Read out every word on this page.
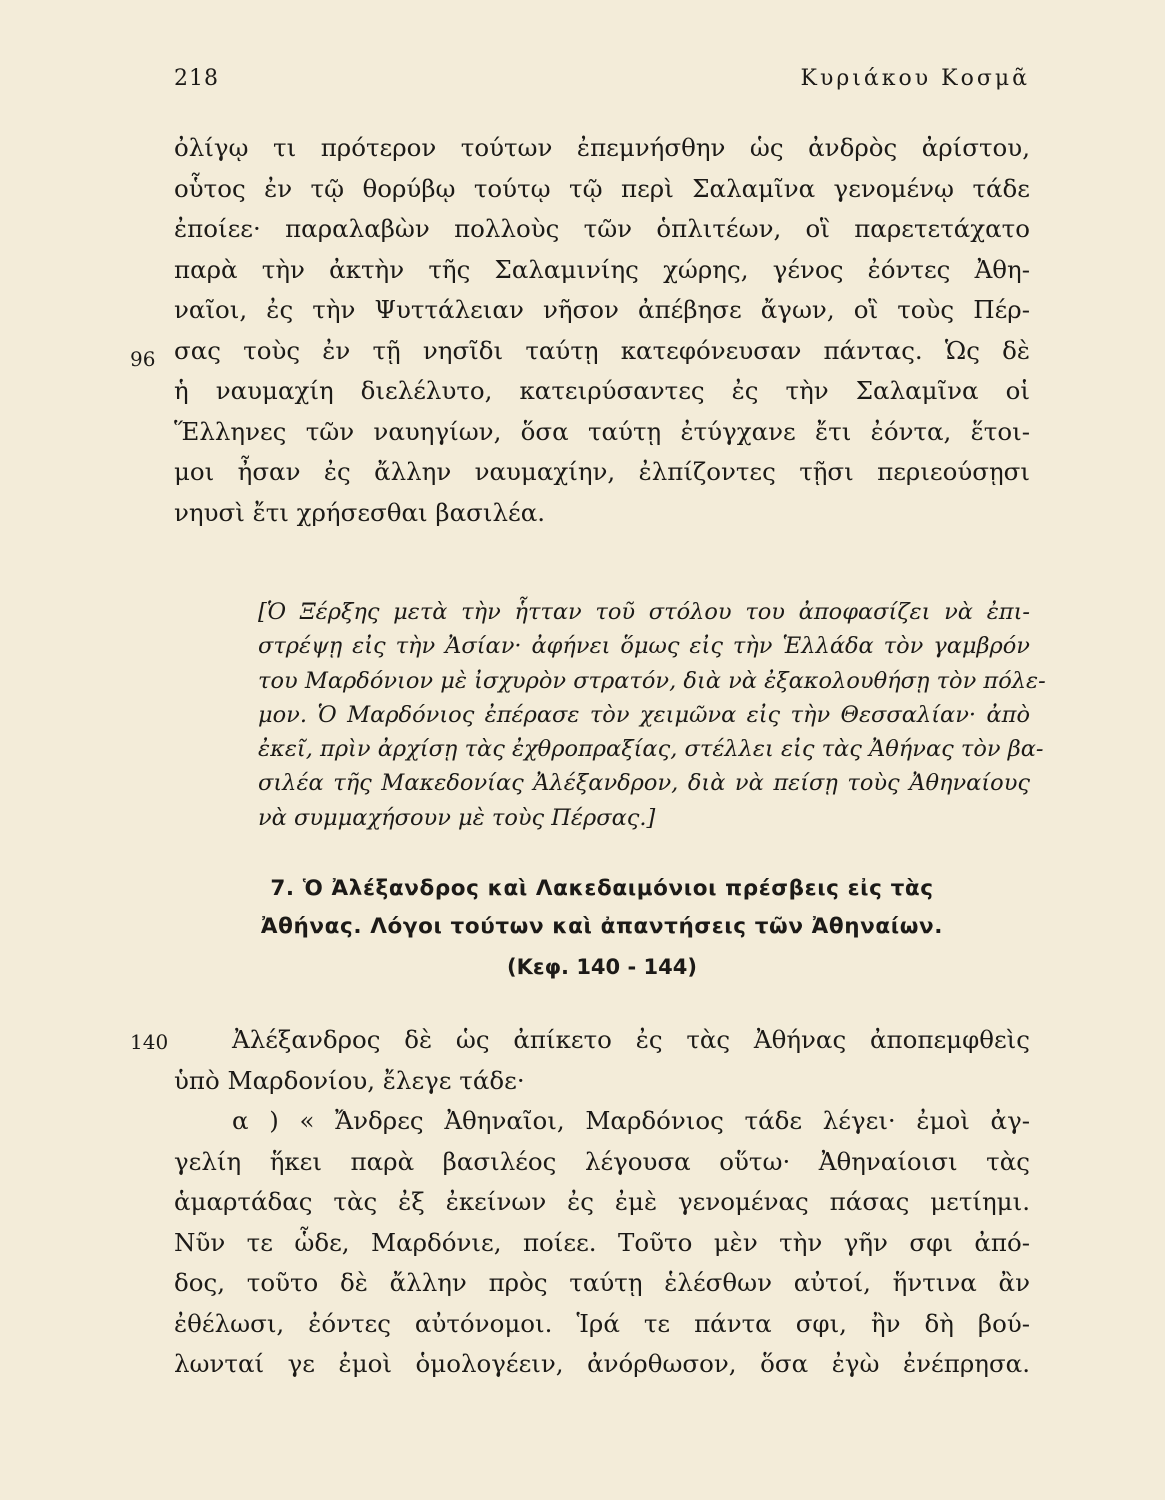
218	Κυριάκου Κοσμᾶ
96
140
ὀλίγῳ τι πρότερον τούτων ἐπεμνήσθην ὡς ἀνδρὸς ἀρίστου,
οὗτος ἐν τῷ θορύβῳ τούτῳ τῷ περὶ Σαλαμῖνα γενομένῳ τάδε
ἐποίεε· παραλαβὼν πολλοὺς τῶν ὁπλιτέων, οἳ παρετετάχατο
παρὰ τὴν ἀκτὴν τῆς Σαλαμινίης χώρης, γένος ἐόντες Ἀθη-
ναῖοι, ἐς τὴν Ψυττάλειαν νῆσον ἀπέβησε ἄγων, οἳ τοὺς Πέρ-
σας τοὺς ἐν τῇ νησῖδι ταύτῃ κατεφόνευσαν πάντας. Ὡς δὲ
ἡ ναυμαχίη διελέλυτο, κατειρύσαντες ἐς τὴν Σαλαμῖνα οἱ
Ἕλληνες τῶν ναυηγίων, ὅσα ταύτῃ ἐτύγχανε ἔτι ἐόντα, ἕτοι-
μοι ἦσαν ἐς ἄλλην ναυμαχίην, ἐλπίζοντες τῇσι περιεούσῃσι
νηυσὶ ἔτι χρήσεσθαι βασιλέα.
[Ὁ Ξέρξης μετὰ τὴν ἧτταν τοῦ στόλου του ἀποφασίζει νὰ ἐπι-
στρέψῃ εἰς τὴν Ἀσίαν· ἀφήνει ὅμως εἰς τὴν Ἑλλάδα τὸν γαμβρόν
του Μαρδόνιον μὲ ἰσχυρὸν στρατόν, διὰ νὰ ἐξακολουθήσῃ τὸν πόλε-
μον. Ὁ Μαρδόνιος ἐπέρασε τὸν χειμῶνα εἰς τὴν Θεσσαλίαν· ἀπὸ
ἐκεῖ, πρὶν ἀρχίσῃ τὰς ἐχθροπραξίας, στέλλει εἰς τὰς Ἀθήνας τὸν βα-
σιλέα τῆς Μακεδονίας Ἀλέξανδρον, διὰ νὰ πείσῃ τοὺς Ἀθηναίους
νὰ συμμαχήσουν μὲ τοὺς Πέρσας.]
7. Ὁ Ἀλέξανδρος καὶ Λακεδαιμόνιοι πρέσβεις εἰς τὰς
Ἀθήνας. Λόγοι τούτων καὶ ἀπαντήσεις τῶν Ἀθηναίων.
(Κεφ. 140 - 144)
Ἀλέξανδρος δὲ ὡς ἀπίκετο ἐς τὰς Ἀθήνας ἀποπεμφθεὶς
ὑπὸ Μαρδονίου, ἔλεγε τάδε·
α ) « Ἄνδρες Ἀθηναῖοι, Μαρδόνιος τάδε λέγει· ἐμοὶ ἀγ-
γελίη ἥκει παρὰ βασιλέος λέγουσα οὕτω· Ἀθηναίοισι τὰς
ἁμαρτάδας τὰς ἐξ ἐκείνων ἐς ἐμὲ γενομένας πάσας μετίημι.
Νῦν τε ὧδε, Μαρδόνιε, ποίεε. Τοῦτο μὲν τὴν γῆν σφι ἀπό-
δος, τοῦτο δὲ ἄλλην πρὸς ταύτῃ ἑλέσθων αὐτοί, ἥντινα ἂν
ἐθέλωσι, ἐόντες αὐτόνομοι. Ἱρά τε πάντα σφι, ἢν δὴ βού-
λωνταί γε ἐμοὶ ὁμολογέειν, ἀνόρθωσον, ὅσα ἐγὼ ἐνέπρησα.
